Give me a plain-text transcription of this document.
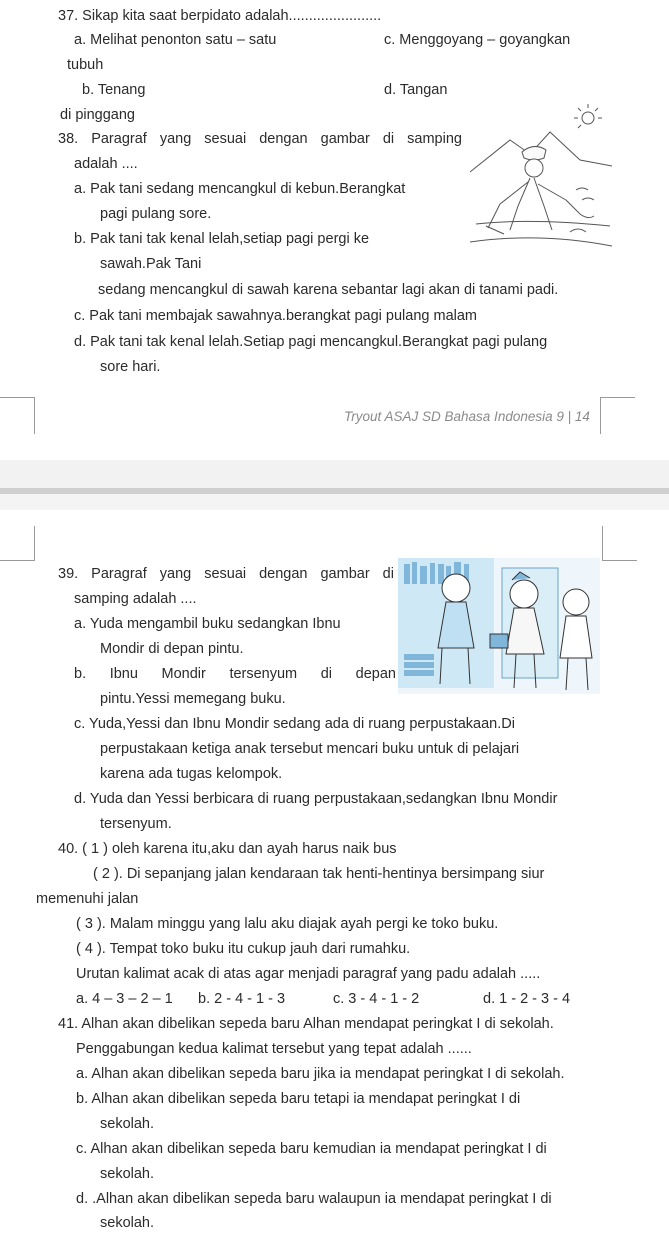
37. Sikap kita saat berpidato adalah.......................
a. Melihat penonton satu – satu	c. Menggoyang – goyangkan
tubuh
b. Tenang	d. Tangan
di pinggang
38. Paragraf yang sesuai dengan gambar di samping
adalah ....
a. Pak tani sedang mencangkul di kebun.Berangkat
pagi pulang sore.
b. Pak tani tak kenal lelah,setiap pagi pergi ke
sawah.Pak Tani
sedang mencangkul di sawah karena sebantar lagi akan di tanami padi.
c. Pak tani membajak sawahnya.berangkat pagi pulang malam
d. Pak tani tak kenal lelah.Setiap pagi mencangkul.Berangkat pagi pulang
sore hari.
Tryout ASAJ SD Bahasa Indonesia 9 | 14
39. Paragraf yang sesuai dengan gambar di
samping adalah ....
a. Yuda mengambil buku sedangkan Ibnu
Mondir di depan pintu.
b. Ibnu Mondir tersenyum di depan
pintu.Yessi memegang buku.
c. Yuda,Yessi dan Ibnu Mondir sedang ada di ruang perpustakaan.Di
perpustakaan ketiga anak tersebut mencari buku untuk di pelajari
karena ada tugas kelompok.
d. Yuda dan Yessi berbicara di ruang perpustakaan,sedangkan Ibnu Mondir
tersenyum.
40. ( 1 ) oleh karena itu,aku dan ayah harus naik bus
( 2 ). Di sepanjang jalan kendaraan tak henti-hentinya bersimpang siur
memenuhi jalan
( 3 ). Malam minggu yang lalu aku diajak ayah pergi ke toko buku.
( 4 ). Tempat toko buku itu cukup jauh dari rumahku.
Urutan kalimat acak di atas agar menjadi paragraf yang padu adalah .....
a. 4 – 3 – 2 – 1 b. 2 - 4 - 1 - 3	c. 3 - 4 - 1 - 2	d. 1 - 2 - 3 - 4
41. Alhan akan dibelikan sepeda baru Alhan mendapat peringkat I di sekolah.
Penggabungan kedua kalimat tersebut yang tepat adalah ......
a. Alhan akan dibelikan sepeda baru jika ia mendapat peringkat I di sekolah.
b. Alhan akan dibelikan sepeda baru tetapi ia mendapat peringkat I di
sekolah.
c. Alhan akan dibelikan sepeda baru kemudian ia mendapat peringkat I di
sekolah.
d. .Alhan akan dibelikan sepeda baru walaupun ia mendapat peringkat I di
sekolah.
